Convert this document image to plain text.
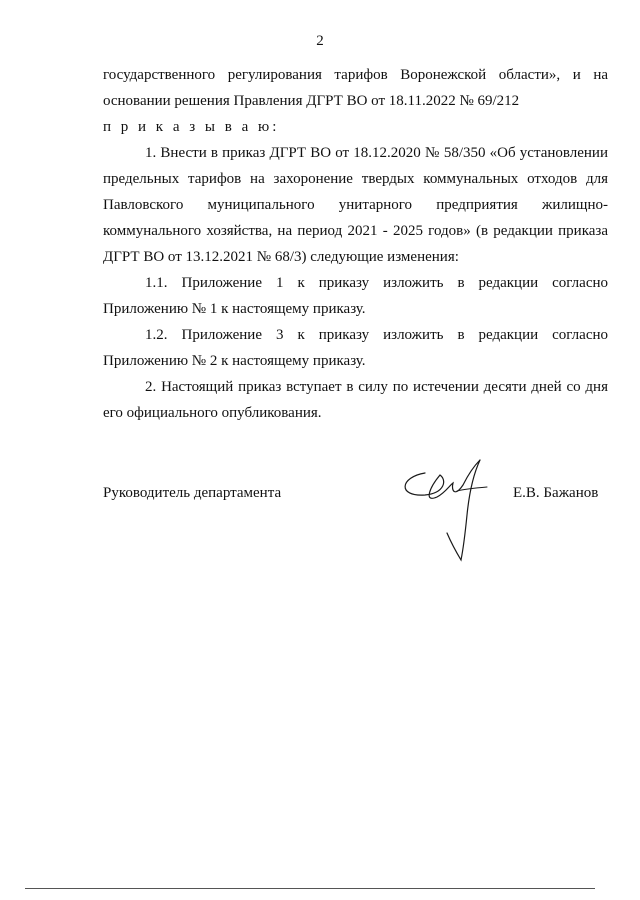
2

государственного регулирования тарифов Воронежской области», и на основании решения Правления ДГРТ ВО от 18.11.2022 № 69/212

п р и к а з ы в а ю:

1. Внести в приказ ДГРТ ВО от 18.12.2020 № 58/350 «Об установлении предельных тарифов на захоронение твердых коммунальных отходов для Павловского муниципального унитарного предприятия жилищно-коммунального хозяйства, на период 2021 - 2025 годов» (в редакции приказа ДГРТ ВО от 13.12.2021 № 68/3) следующие изменения:

1.1. Приложение 1 к приказу изложить в редакции согласно Приложению № 1 к настоящему приказу.

1.2. Приложение 3 к приказу изложить в редакции согласно Приложению № 2 к настоящему приказу.

2. Настоящий приказ вступает в силу по истечении десяти дней со дня его официального опубликования.

Руководитель департамента	Е.В. Бажанов
